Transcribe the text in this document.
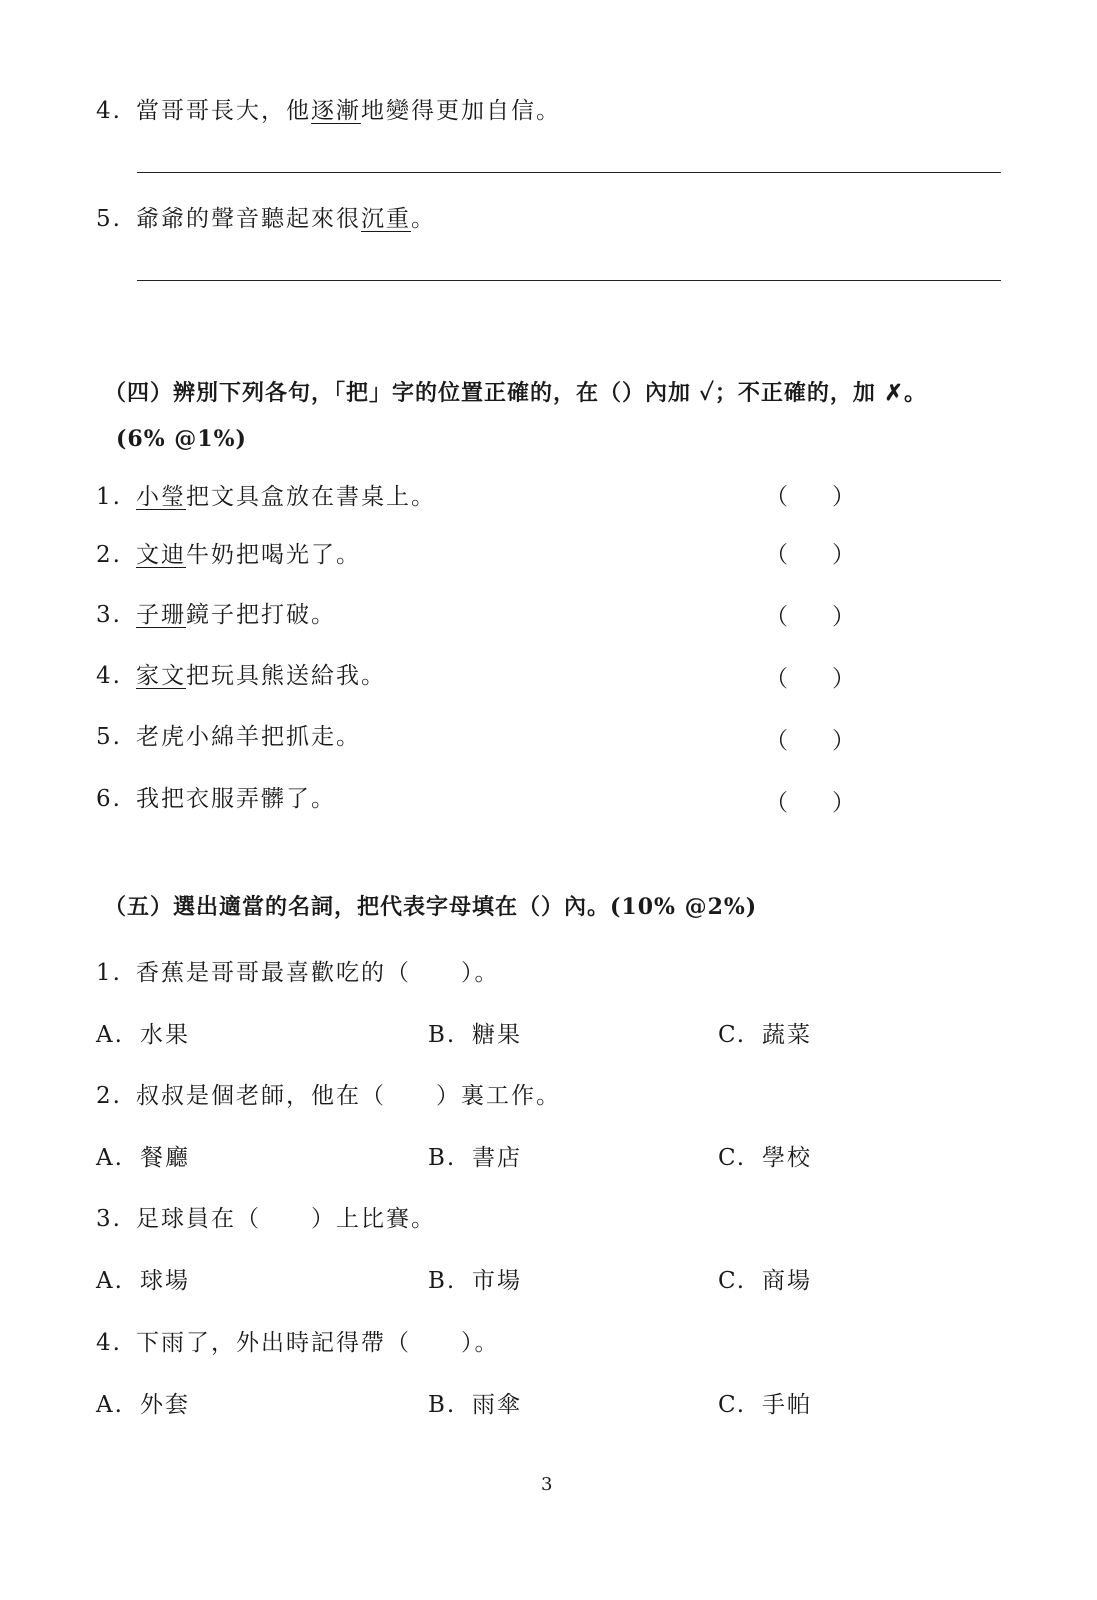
4. 當哥哥長大，他逐漸地變得更加自信。
5. 爺爺的聲音聽起來很沉重。
（四）辨別下列各句，「把」字的位置正確的，在（）內加 ✓；不正確的，加 ✗。
(6% @1%)
1. 小瑩把文具盒放在書桌上。	（ ）
2. 文迪牛奶把喝光了。	（ ）
3. 子珊鏡子把打破。	（ ）
4. 家文把玩具熊送給我。	（ ）
5. 老虎小綿羊把抓走。	（ ）
6. 我把衣服弄髒了。	（ ）
（五）選出適當的名詞，把代表字母填在（）內。(10% @2%)
1. 香蕉是哥哥最喜歡吃的（　　）。
A. 水果	B. 糖果	C. 蔬菜
2. 叔叔是個老師，他在（　　）裏工作。
A. 餐廳	B. 書店	C. 學校
3. 足球員在（　　）上比賽。
A. 球場	B. 市場	C. 商場
4. 下雨了，外出時記得帶（　　）。
A. 外套	B. 雨傘	C. 手帕
3
